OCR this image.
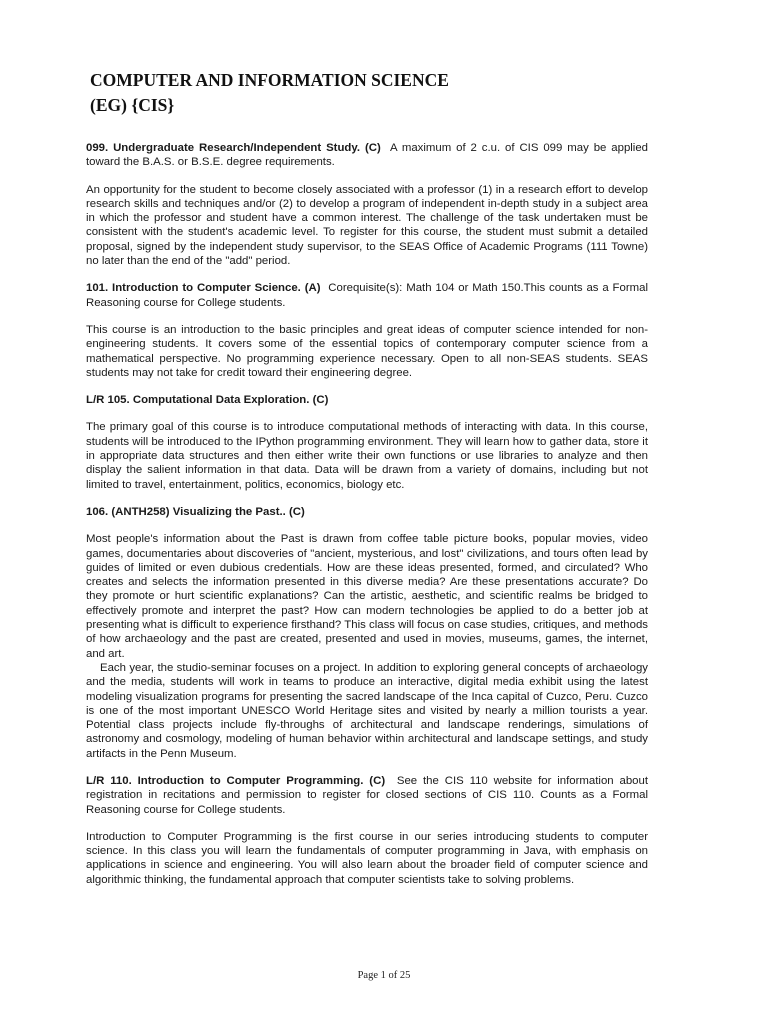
COMPUTER AND INFORMATION SCIENCE
(EG) {CIS}

099. Undergraduate Research/Independent Study. (C) A maximum of 2 c.u. of CIS 099 may be applied toward the B.A.S. or B.S.E. degree requirements.

An opportunity for the student to become closely associated with a professor (1) in a research effort to develop research skills and techniques and/or (2) to develop a program of independent in-depth study in a subject area in which the professor and student have a common interest. The challenge of the task undertaken must be consistent with the student's academic level. To register for this course, the student must submit a detailed proposal, signed by the independent study supervisor, to the SEAS Office of Academic Programs (111 Towne) no later than the end of the "add" period.

101. Introduction to Computer Science. (A) Corequisite(s): Math 104 or Math 150.This counts as a Formal Reasoning course for College students.

This course is an introduction to the basic principles and great ideas of computer science intended for non-engineering students. It covers some of the essential topics of contemporary computer science from a mathematical perspective. No programming experience necessary. Open to all non-SEAS students. SEAS students may not take for credit toward their engineering degree.

L/R 105. Computational Data Exploration. (C)

The primary goal of this course is to introduce computational methods of interacting with data. In this course, students will be introduced to the IPython programming environment. They will learn how to gather data, store it in appropriate data structures and then either write their own functions or use libraries to analyze and then display the salient information in that data. Data will be drawn from a variety of domains, including but not limited to travel, entertainment, politics, economics, biology etc.

106. (ANTH258) Visualizing the Past.. (C)

Most people's information about the Past is drawn from coffee table picture books, popular movies, video games, documentaries about discoveries of "ancient, mysterious, and lost" civilizations, and tours often lead by guides of limited or even dubious credentials. How are these ideas presented, formed, and circulated? Who creates and selects the information presented in this diverse media? Are these presentations accurate? Do they promote or hurt scientific explanations? Can the artistic, aesthetic, and scientific realms be bridged to effectively promote and interpret the past? How can modern technologies be applied to do a better job at presenting what is difficult to experience firsthand? This class will focus on case studies, critiques, and methods of how archaeology and the past are created, presented and used in movies, museums, games, the internet, and art.

Each year, the studio-seminar focuses on a project. In addition to exploring general concepts of archaeology and the media, students will work in teams to produce an interactive, digital media exhibit using the latest modeling visualization programs for presenting the sacred landscape of the Inca capital of Cuzco, Peru. Cuzco is one of the most important UNESCO World Heritage sites and visited by nearly a million tourists a year. Potential class projects include fly-throughs of architectural and landscape renderings, simulations of astronomy and cosmology, modeling of human behavior within architectural and landscape settings, and study artifacts in the Penn Museum.

L/R 110. Introduction to Computer Programming. (C) See the CIS 110 website for information about registration in recitations and permission to register for closed sections of CIS 110. Counts as a Formal Reasoning course for College students.

Introduction to Computer Programming is the first course in our series introducing students to computer science. In this class you will learn the fundamentals of computer programming in Java, with emphasis on applications in science and engineering. You will also learn about the broader field of computer science and algorithmic thinking, the fundamental approach that computer scientists take to solving problems.

Page 1 of 25
